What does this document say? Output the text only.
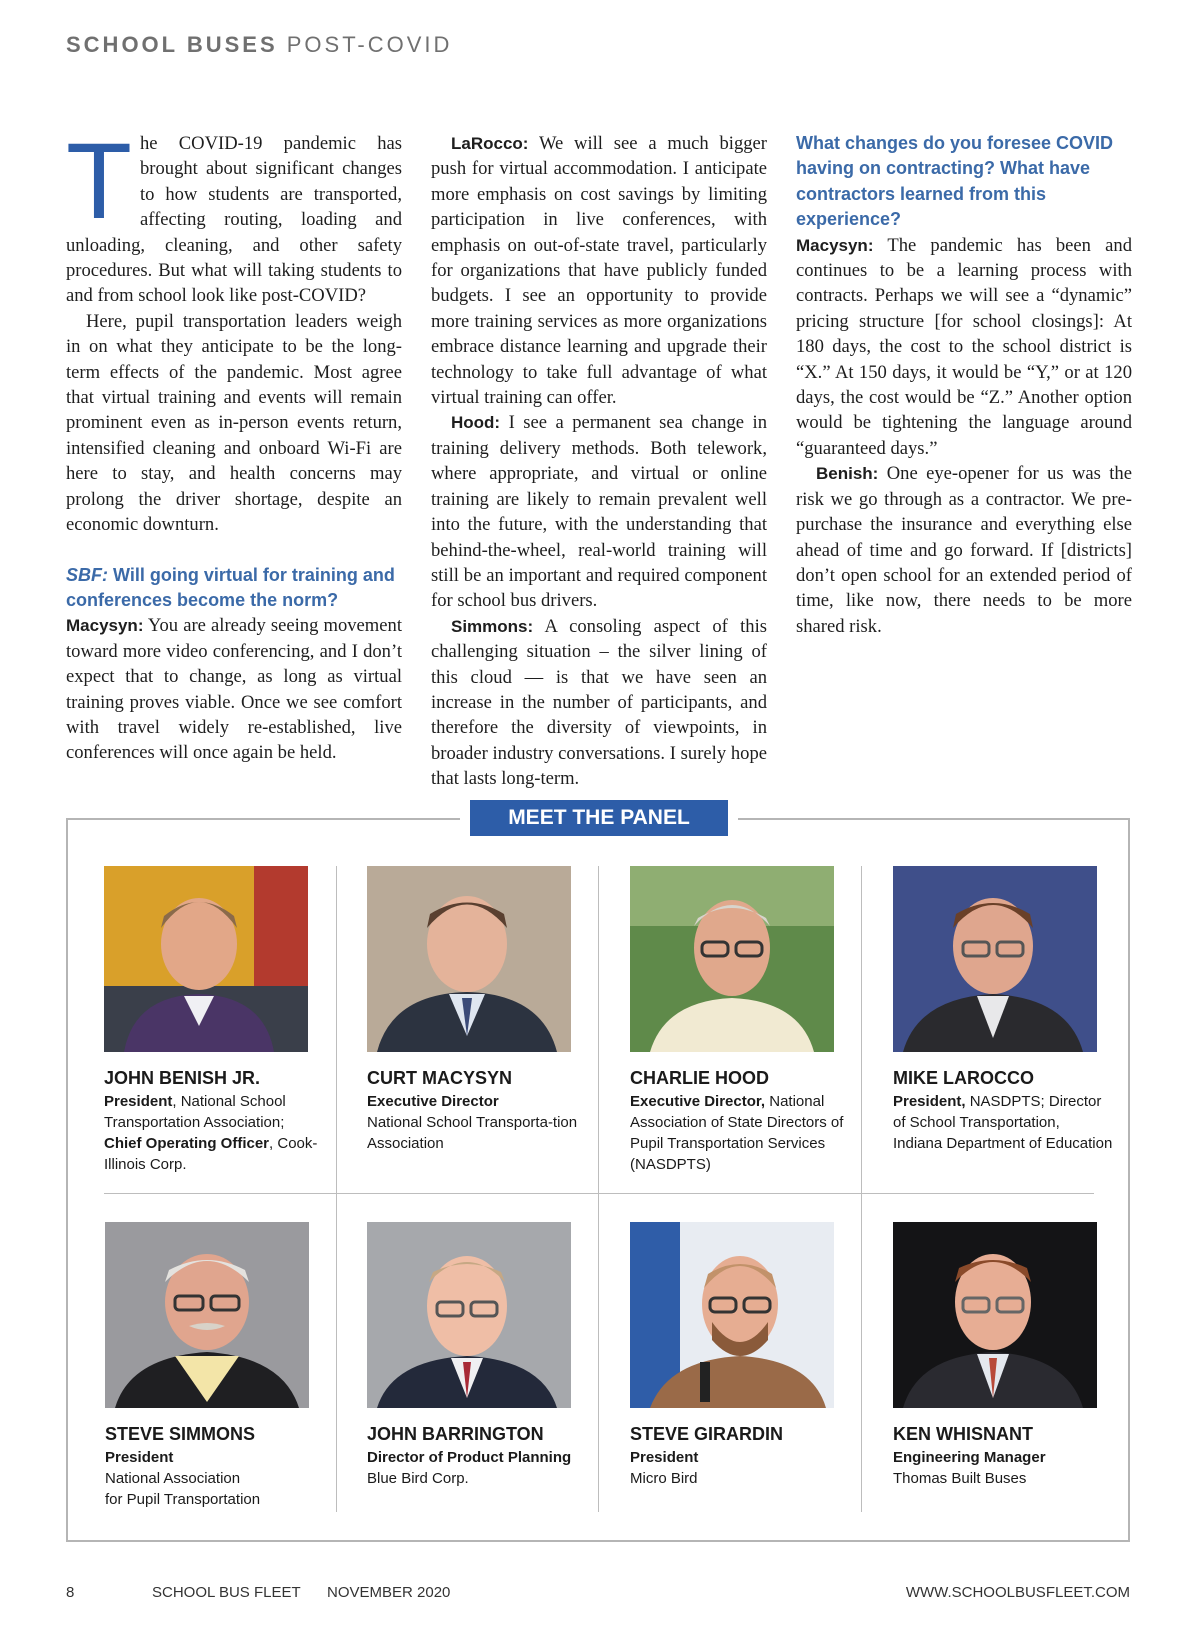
SCHOOL BUSES POST-COVID

The COVID-19 pandemic has brought about significant changes to how students are transported, affecting routing, loading and unloading, cleaning, and other safety procedures. But what will taking students to and from school look like post-COVID?

Here, pupil transportation leaders weigh in on what they anticipate to be the long-term effects of the pandemic. Most agree that virtual training and events will remain prominent even as in-person events return, intensified cleaning and onboard Wi-Fi are here to stay, and health concerns may prolong the driver shortage, despite an economic downturn.

SBF: Will going virtual for training and conferences become the norm?

Macysyn: You are already seeing movement toward more video conferencing, and I don’t expect that to change, as long as virtual training proves viable. Once we see comfort with travel widely re-established, live conferences will once again be held.

LaRocco: We will see a much bigger push for virtual accommodation. I anticipate more emphasis on cost savings by limiting participation in live conferences, with emphasis on out-of-state travel, particularly for organizations that have publicly funded budgets. I see an opportunity to provide more training services as more organizations embrace distance learning and upgrade their technology to take full advantage of what virtual training can offer.

Hood: I see a permanent sea change in training delivery methods. Both telework, where appropriate, and virtual or online training are likely to remain prevalent well into the future, with the understanding that behind-the-wheel, real-world training will still be an important and required component for school bus drivers.

Simmons: A consoling aspect of this challenging situation – the silver lining of this cloud — is that we have seen an increase in the number of participants, and therefore the diversity of viewpoints, in broader industry conversations. I surely hope that lasts long-term.

What changes do you foresee COVID having on contracting? What have contractors learned from this experience?

Macysyn: The pandemic has been and continues to be a learning process with contracts. Perhaps we will see a “dynamic” pricing structure [for school closings]: At 180 days, the cost to the school district is “X.” At 150 days, it would be “Y,” or at 120 days, the cost would be “Z.” Another option would be tightening the language around “guaranteed days.”

Benish: One eye-opener for us was the risk we go through as a contractor. We pre-purchase the insurance and everything else ahead of time and go forward. If [districts] don’t open school for an extended period of time, like now, there needs to be more shared risk.

MEET THE PANEL
JOHN BENISH JR.
President, National School Transportation Association; Chief Operating Officer, Cook-Illinois Corp.
CURT MACYSYN
Executive Director
National School Transporta-tion Association
CHARLIE HOOD
Executive Director, National Association of State Directors of Pupil Transportation Services (NASDPTS)
MIKE LAROCCO
President, NASDPTS; Director of School Transportation, Indiana Department of Education
STEVE SIMMONS
President
National Association
for Pupil Transportation
JOHN BARRINGTON
Director of Product Planning
Blue Bird Corp.
STEVE GIRARDIN
President
Micro Bird
KEN WHISNANT
Engineering Manager
Thomas Built Buses
8	SCHOOL BUS FLEET NOVEMBER 2020	WWW.SCHOOLBUSFLEET.COM
